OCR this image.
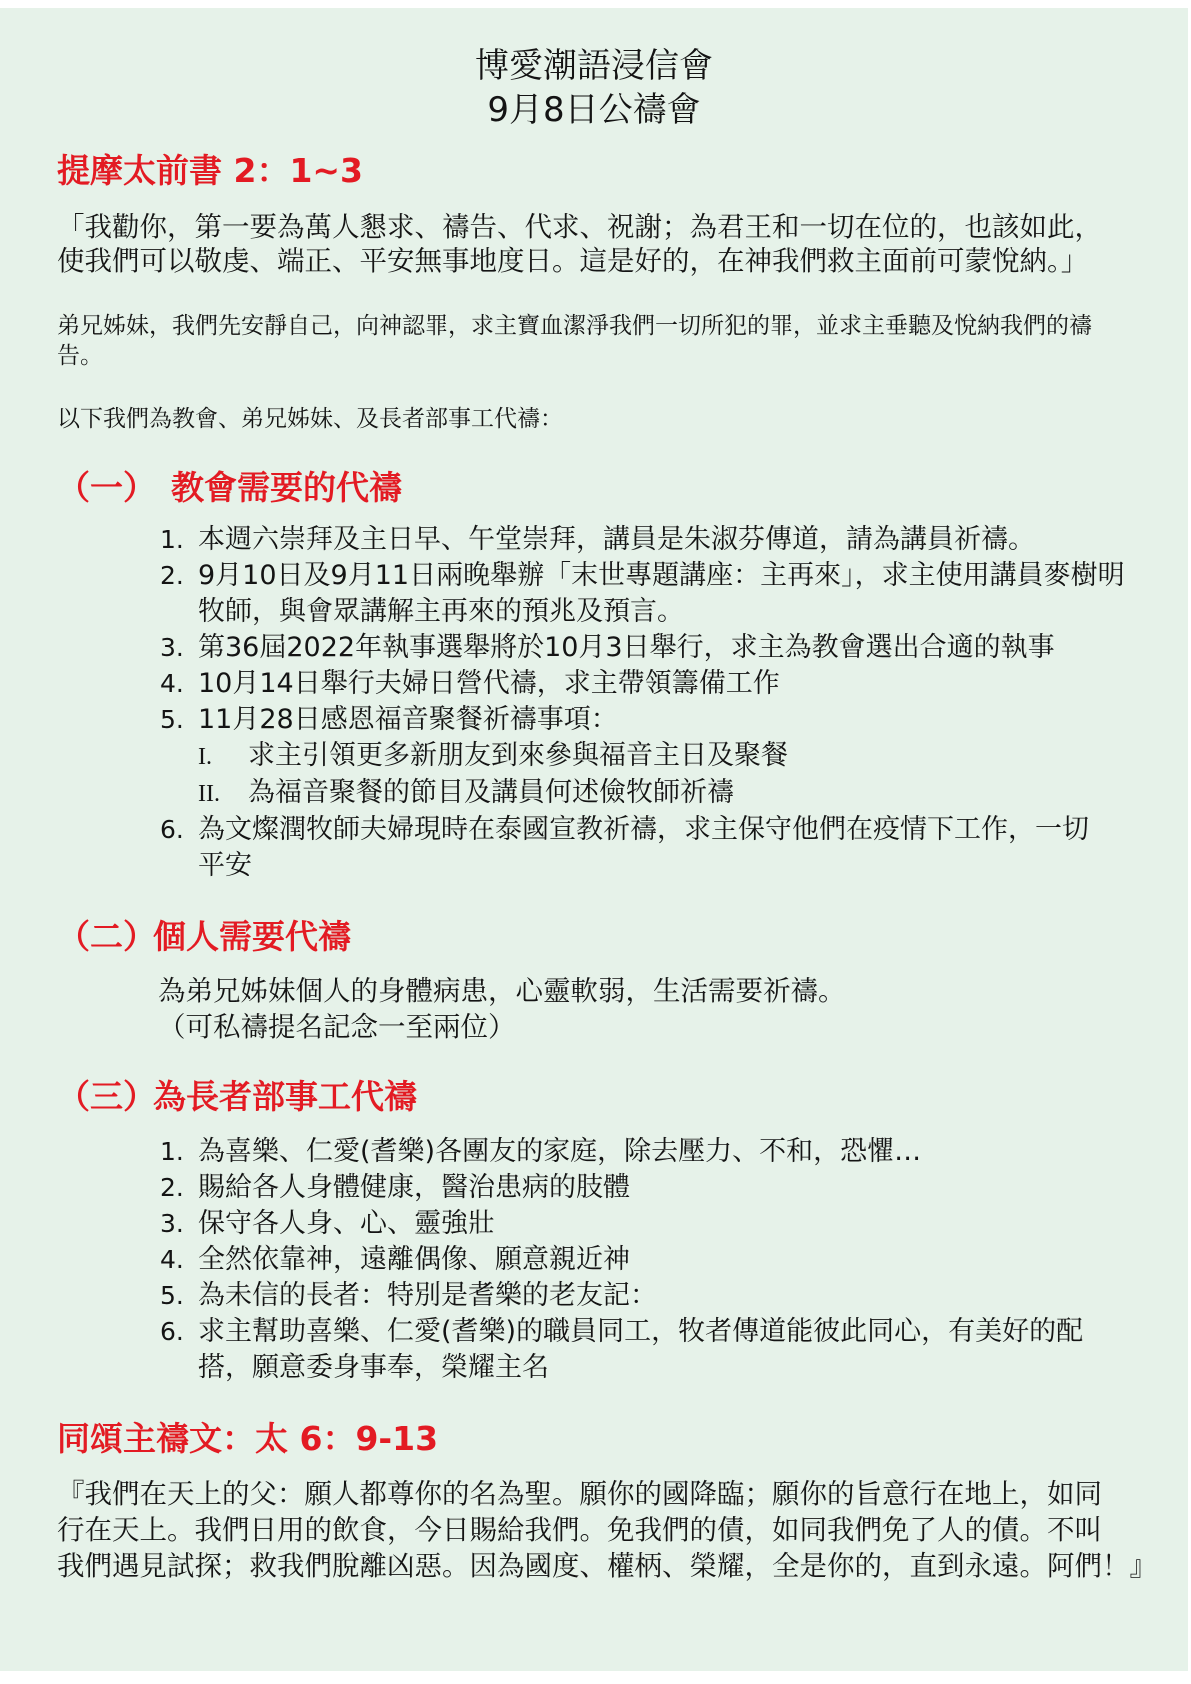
博愛潮語浸信會
9月8日公禱會
提摩太前書 2：1~3
「我勸你，第一要為萬人懇求、禱告、代求、祝謝；為君王和一切在位的，也該如此，
使我們可以敬虔、端正、平安無事地度日。這是好的，在神我們救主面前可蒙悅納。」
弟兄姊妹，我們先安靜自己，向神認罪，求主寶血潔淨我們一切所犯的罪，並求主垂聽及悅納我們的禱
告。
以下我們為教會、弟兄姊妹、及長者部事工代禱：
（一） 教會需要的代禱
1. 本週六崇拜及主日早、午堂崇拜，講員是朱淑芬傳道，請為講員祈禱。
2. 9月10日及9月11日兩晚舉辦「末世專題講座：主再來」，求主使用講員麥樹明
牧師，與會眾講解主再來的預兆及預言。
3. 第36屆2022年執事選舉將於10月3日舉行，求主為教會選出合適的執事
4. 10月14日舉行夫婦日營代禱，求主帶領籌備工作
5. 11月28日感恩福音聚餐祈禱事項：
I.	求主引領更多新朋友到來參與福音主日及聚餐
II.	為福音聚餐的節目及講員何述儉牧師祈禱
6. 為文燦潤牧師夫婦現時在泰國宣教祈禱，求主保守他們在疫情下工作，一切
平安
（二）
個人需要代禱
為弟兄姊妹個人的身體病患，心靈軟弱，生活需要祈禱。
（可私禱提名記念一至兩位）
（三）
為長者部事工代禱
1. 為喜樂、仁愛(耆樂)各團友的家庭，除去壓力、不和，恐懼…
2. 賜給各人身體健康，醫治患病的肢體
3. 保守各人身、心、靈強壯
4. 全然依靠神，遠離偶像、願意親近神
5. 為未信的長者：特別是耆樂的老友記：
6. 求主幫助喜樂、仁愛(耆樂)的職員同工，牧者傳道能彼此同心，有美好的配
搭，願意委身事奉，榮耀主名
同頌主禱文：太 6：9-13
『我們在天上的父：願人都尊你的名為聖。願你的國降臨；願你的旨意行在地上，如同
行在天上。我們日用的飲食，今日賜給我們。免我們的債，如同我們免了人的債。不叫
我們遇見試探；救我們脫離凶惡。因為國度、權柄、榮耀，全是你的，直到永遠。阿們！』
